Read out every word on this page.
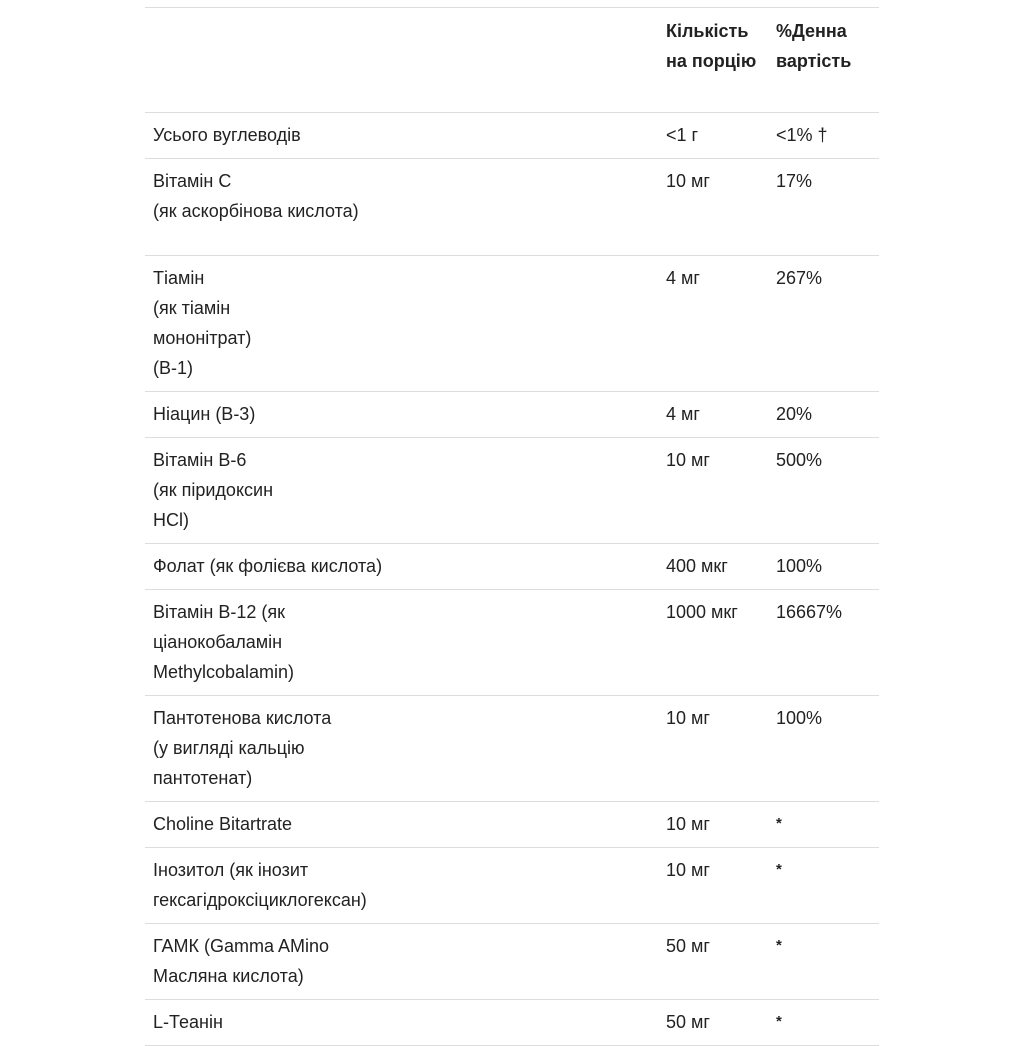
	Кількість на порцію	%Денна вартість
Усього вуглеводів	<1 г	<1% †
Вітамін C
(як аскорбінова кислота)	10 мг	17%
Тіамін
(як тіамін
мононітрат)
(B-1)	4 мг	267%
Ніацин (B-3)	4 мг	20%
Вітамін B-6
(як піридоксин
HCl)	10 мг	500%
Фолат (як фолієва кислота)	400 мкг	100%
Вітамін B-12 (як
ціанокобаламін
Methylcobalamin)	1000 мкг	16667%
Пантотенова кислота
(у вигляді кальцію
пантотенат)	10 мг	100%
Choline Bitartrate	10 мг	*
Інозитол (як інозит
гексагідроксіциклогексан)	10 мг	*
ГАМК (Gamma AMino
Масляна кислота)	50 мг	*
L-Теанін	50 мг	*
